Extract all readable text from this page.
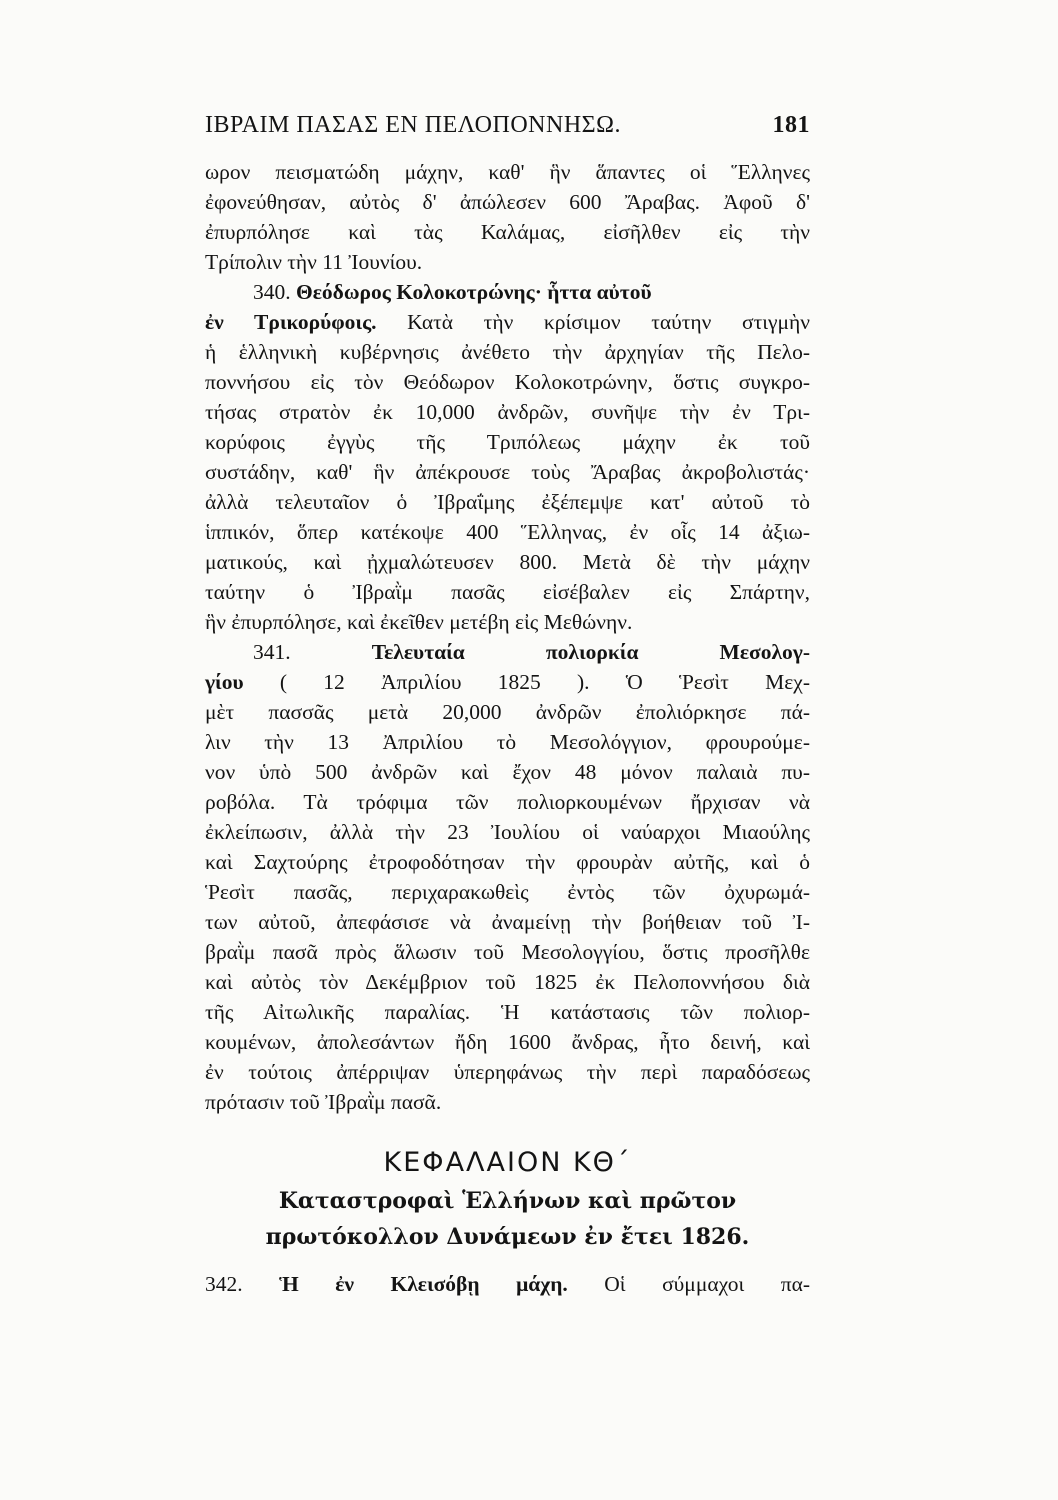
ΙΒΡΑΙΜ ΠΑΣΑΣ ΕΝ ΠΕΛΟΠΟΝΝΗΣΩ.	181
ωρον πεισματώδη μάχην, καθ' ἣν ἅπαντες οἱ Ἕλληνες
ἐφονεύθησαν, αὐτὸς δ' ἀπώλεσεν 600 Ἄραβας. Ἀφοῦ δ'
ἐπυρπόλησε καὶ τὰς Καλάμας, εἰσῆλθεν εἰς τὴν
Τρίπολιν τὴν 11 Ἰουνίου.
340. Θεόδωρος Κολοκοτρώνης· ἧττα αὐτοῦ
ἐν Τρικορύφοις. Κατὰ τὴν κρίσιμον ταύτην στιγμὴν
ἡ ἑλληνικὴ κυβέρνησις ἀνέθετο τὴν ἀρχηγίαν τῆς Πελο-
ποννήσου εἰς τὸν Θεόδωρον Κολοκοτρώνην, ὅστις συγκρο-
τήσας στρατὸν ἐκ 10,000 ἀνδρῶν, συνῆψε τὴν ἐν Τρι-
κορύφοις ἐγγὺς τῆς Τριπόλεως μάχην ἐκ τοῦ
συστάδην, καθ' ἣν ἀπέκρουσε τοὺς Ἄραβας ἀκροβολιστάς·
ἀλλὰ τελευταῖον ὁ Ἰβραΐμης ἐξέπεμψε κατ' αὐτοῦ τὸ
ἱππικόν, ὅπερ κατέκοψε 400 Ἕλληνας, ἐν οἷς 14 ἀξιω-
ματικούς, καὶ ᾐχμαλώτευσεν 800. Μετὰ δὲ τὴν μάχην
ταύτην ὁ Ἰβραῒμ πασᾶς εἰσέβαλεν εἰς Σπάρτην,
ἣν ἐπυρπόλησε, καὶ ἐκεῖθεν μετέβη εἰς Μεθώνην.
341.	Τελευταία πολιορκία Μεσολογ-
γίου ( 12 Ἀπριλίου 1825 ). Ὁ Ῥεσὶτ Μεχ-
μὲτ πασσᾶς μετὰ 20,000 ἀνδρῶν ἐπολιόρκησε πά-
λιν τὴν 13 Ἀπριλίου τὸ Μεσολόγγιον, φρουρούμε-
νον ὑπὸ 500 ἀνδρῶν καὶ ἔχον 48 μόνον παλαιὰ πυ-
ροβόλα. Τὰ τρόφιμα τῶν πολιορκουμένων ἤρχισαν νὰ
ἐκλείπωσιν, ἀλλὰ τὴν 23 Ἰουλίου οἱ ναύαρχοι Μιαούλης
καὶ Σαχτούρης ἐτροφοδότησαν τὴν φρουρὰν αὐτῆς, καὶ ὁ
Ῥεσὶτ πασᾶς, περιχαρακωθεὶς ἐντὸς τῶν ὀχυρωμά-
των αὐτοῦ, ἀπεφάσισε νὰ ἀναμείνῃ τὴν βοήθειαν τοῦ Ἰ-
βραῒμ πασᾶ πρὸς ἅλωσιν τοῦ Μεσολογγίου, ὅστις προσῆλθε
καὶ αὐτὸς τὸν Δεκέμβριον τοῦ 1825 ἐκ Πελοποννήσου διὰ
τῆς Αἰτωλικῆς παραλίας. Ἡ κατάστασις τῶν πολιορ-
κουμένων, ἀπολεσάντων ἤδη 1600 ἄνδρας, ἦτο δεινή, καὶ
ἐν τούτοις ἀπέρριψαν ὑπερηφάνως τὴν περὶ παραδόσεως
πρότασιν τοῦ Ἰβραῒμ πασᾶ.
ΚΕΦΑΛΑΙΟΝ ΚΘ΄
Καταστροφαὶ Ἑλλήνων καὶ πρῶτον
πρωτόκολλον Δυνάμεων ἐν ἔτει 1826.
342. Ἡ ἐν Κλεισόβῃ μάχη. Οἱ σύμμαχοι πα-
